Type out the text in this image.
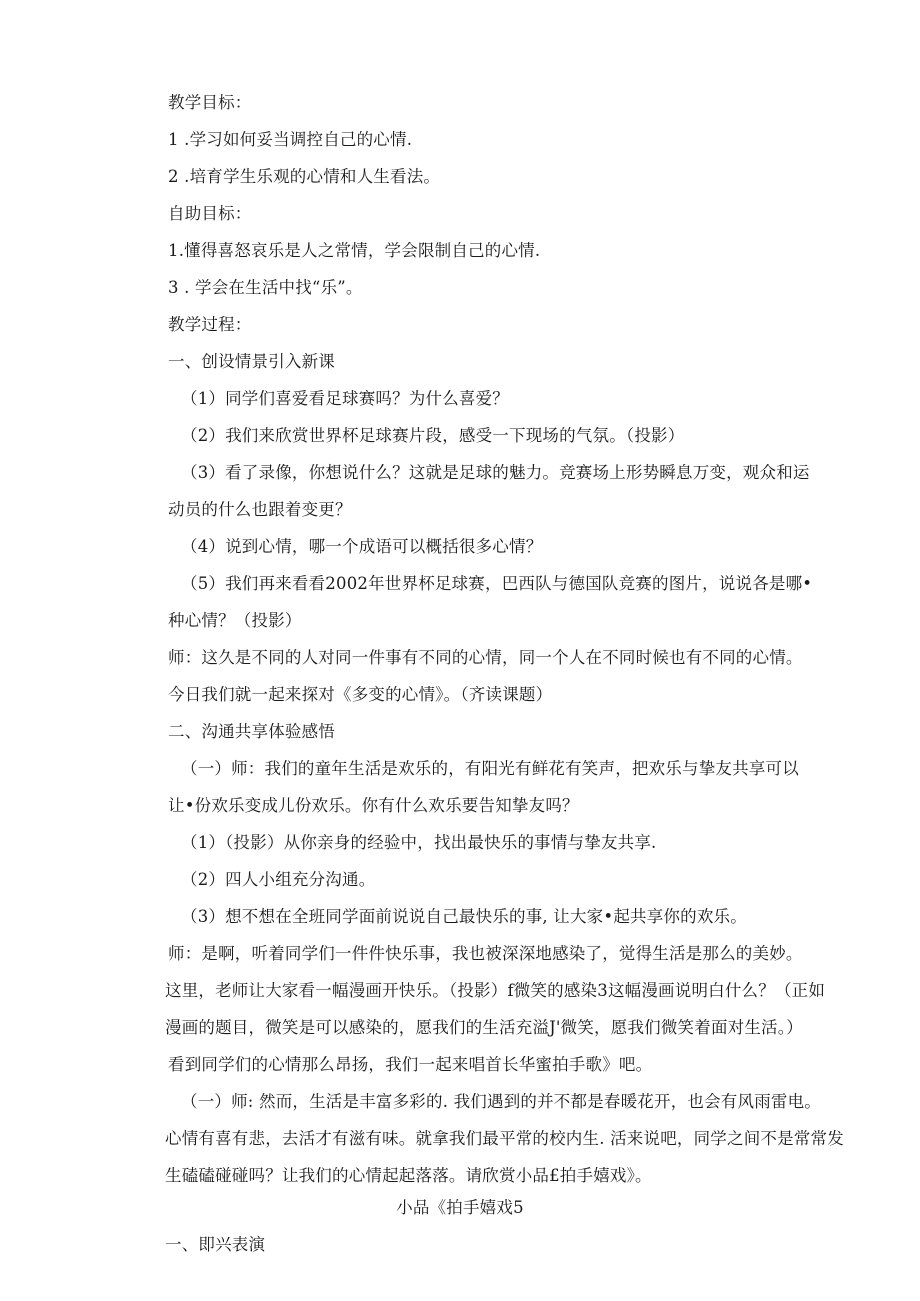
教学目标：
1 .学习如何妥当调控自己的心情.
2 .培育学生乐观的心情和人生看法。
自助目标：
1.懂得喜怒哀乐是人之常情，学会限制自己的心情.
3 . 学会在生活中找“乐”。
教学过程：
一、创设情景引入新课
（1）同学们喜爱看足球赛吗？为什么喜爱？
（2）我们来欣赏世界杯足球赛片段，感受一下现场的气氛。（投影）
（3）看了录像，你想说什么？这就是足球的魅力。竞赛场上形势瞬息万变，观众和运
动员的什么也跟着变更？
（4）说到心情，哪一个成语可以概括很多心情？
（5）我们再来看看2002年世界杯足球赛，巴西队与德国队竞赛的图片，说说各是哪•
种心情？（投影）
师：这久是不同的人对同一件事有不同的心情，同一个人在不同时候也有不同的心情。
今日我们就一起来探对《多变的心情》。（齐读课题）
二、沟通共享体验感悟
（一）师：我们的童年生活是欢乐的，有阳光有鲜花有笑声，把欢乐与挚友共享可以
让•份欢乐变成儿份欢乐。你有什么欢乐要告知挚友吗？
（1）（投影）从你亲身的经验中，找出最快乐的事情与挚友共享.
（2）四人小组充分沟通。
（3）想不想在全班同学面前说说自己最快乐的事, 让大家•起共享你的欢乐。
师：是啊，听着同学们一件件快乐事，我也被深深地感染了，觉得生活是那么的美妙。
这里，老师让大家看一幅漫画开快乐。（投影）f微笑的感染3这幅漫画说明白什么？（正如
漫画的题目，微笑是可以感染的，愿我们的生活充溢J'微笑，愿我们微笑着面对生活。）
看到同学们的心情那么昂扬，我们一起来唱首长华蜜拍手歌》吧。
（一）师: 然而，生活是丰富多彩的. 我们遇到的并不都是春暖花开，也会有风雨雷电。
心情有喜有悲，去活才有滋有味。就拿我们最平常的校内生. 活来说吧，同学之间不是常常发
生磕磕碰碰吗？让我们的心情起起落落。请欣赏小品£拍手嬉戏》。
小品《拍手嬉戏5
一、即兴表演
